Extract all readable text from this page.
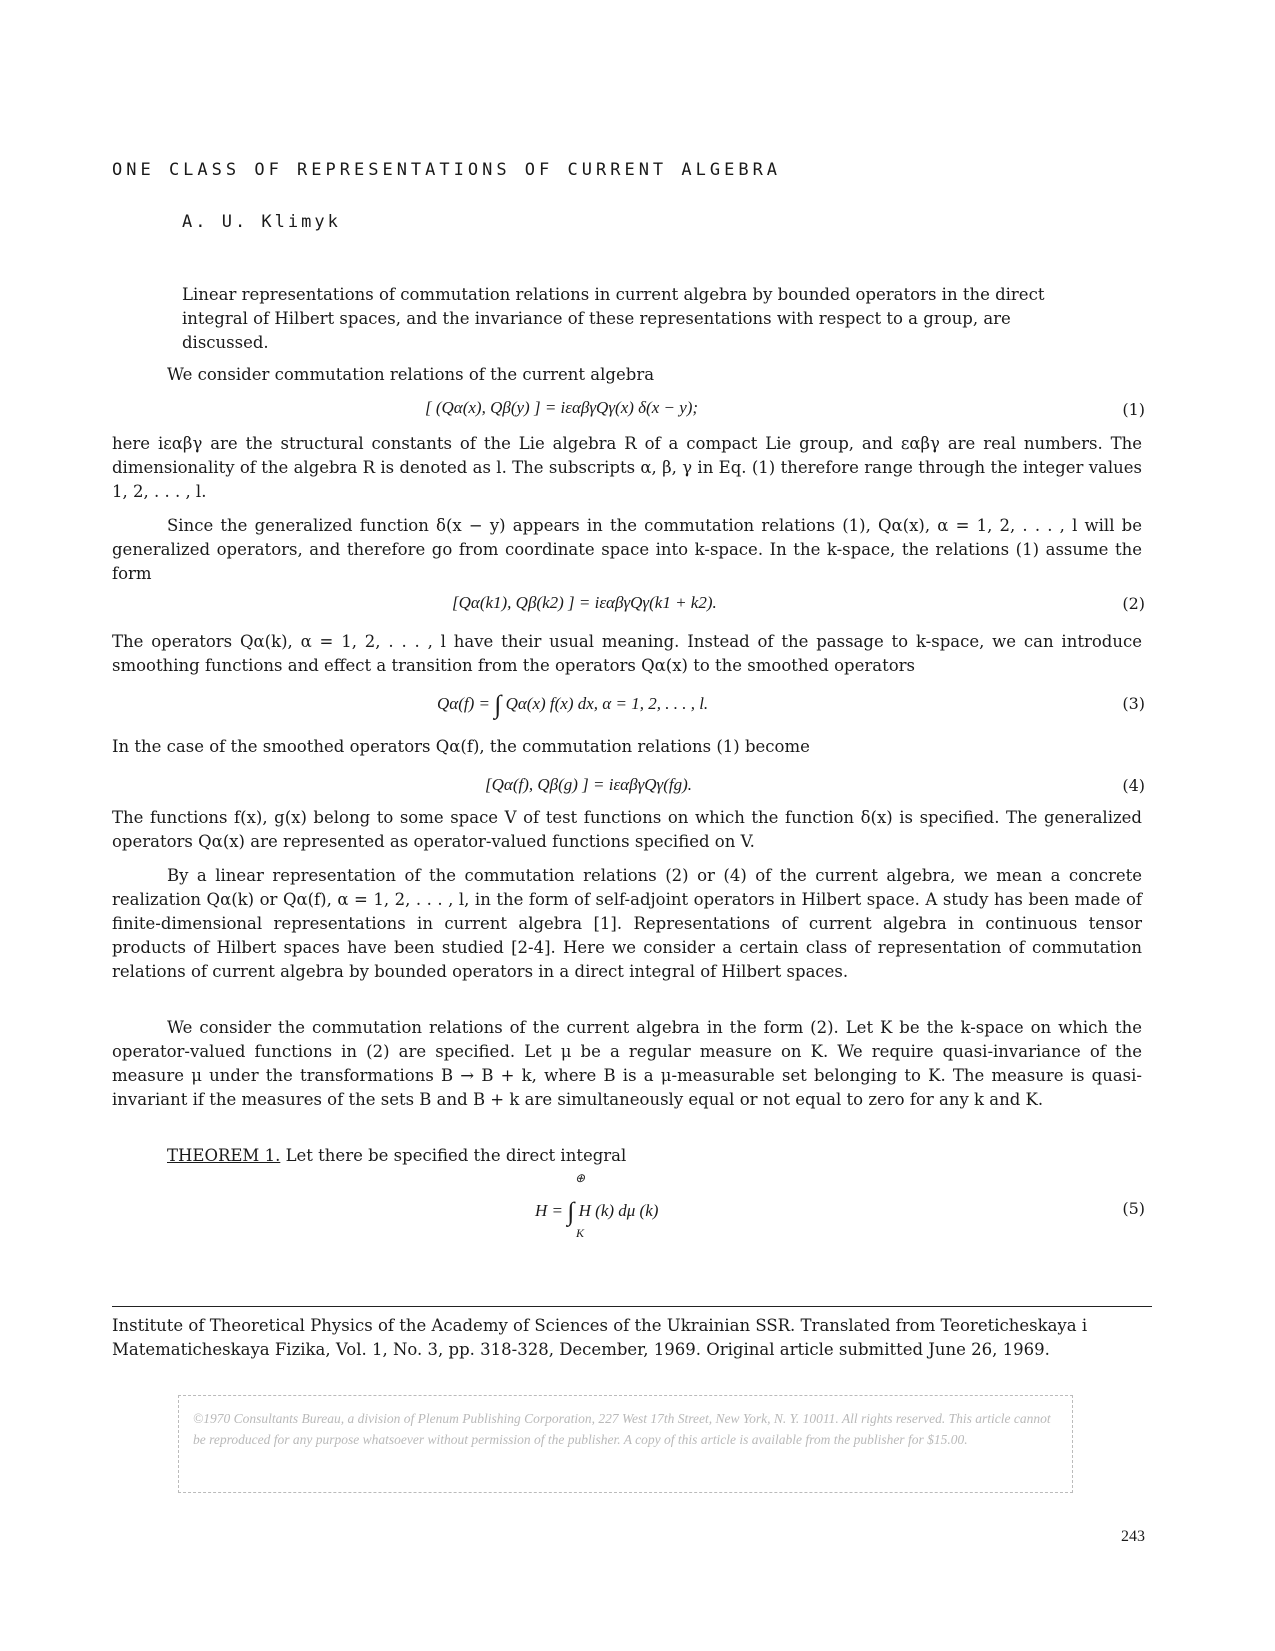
ONE CLASS OF REPRESENTATIONS OF CURRENT ALGEBRA
A. U. Klimyk
Linear representations of commutation relations in current algebra by bounded operators in the direct integral of Hilbert spaces, and the invariance of these representations with respect to a group, are discussed.
We consider commutation relations of the current algebra
[ (Qα(x), Qβ(y) ] = iεαβγQγ(x) δ(x − y);	(1)
here iεαβγ are the structural constants of the Lie algebra R of a compact Lie group, and εαβγ are real numbers. The dimensionality of the algebra R is denoted as l. The subscripts α, β, γ in Eq. (1) therefore range through the integer values 1, 2, . . . , l.
Since the generalized function δ(x − y) appears in the commutation relations (1), Qα(x), α = 1, 2, . . . , l will be generalized operators, and therefore go from coordinate space into k-space. In the k-space, the relations (1) assume the form
[Qα(k1), Qβ(k2) ] = iεαβγQγ(k1 + k2).	(2)
The operators Qα(k), α = 1, 2, . . . , l have their usual meaning. Instead of the passage to k-space, we can introduce smoothing functions and effect a transition from the operators Qα(x) to the smoothed operators
Qα(f) = ∫ Qα(x) f(x) dx, α = 1, 2, . . . , l.	(3)
In the case of the smoothed operators Qα(f), the commutation relations (1) become
[Qα(f), Qβ(g) ] = iεαβγQγ(fg).	(4)
The functions f(x), g(x) belong to some space V of test functions on which the function δ(x) is specified. The generalized operators Qα(x) are represented as operator-valued functions specified on V.
By a linear representation of the commutation relations (2) or (4) of the current algebra, we mean a concrete realization Qα(k) or Qα(f), α = 1, 2, . . . , l, in the form of self-adjoint operators in Hilbert space. A study has been made of finite-dimensional representations in current algebra [1]. Representations of current algebra in continuous tensor products of Hilbert spaces have been studied [2-4]. Here we consider a certain class of representation of commutation relations of current algebra by bounded operators in a direct integral of Hilbert spaces.
We consider the commutation relations of the current algebra in the form (2). Let K be the k-space on which the operator-valued functions in (2) are specified. Let μ be a regular measure on K. We require quasi-invariance of the measure μ under the transformations B → B + k, where B is a μ-measurable set belonging to K. The measure is quasi-invariant if the measures of the sets B and B + k are simultaneously equal or not equal to zero for any k and K.
THEOREM 1. Let there be specified the direct integral
⊕
H = ∫ H (k) dμ (k)
K
(5)
Institute of Theoretical Physics of the Academy of Sciences of the Ukrainian SSR. Translated from Teoreticheskaya i Matematicheskaya Fizika, Vol. 1, No. 3, pp. 318-328, December, 1969. Original article submitted June 26, 1969.
©1970 Consultants Bureau, a division of Plenum Publishing Corporation, 227 West 17th Street, New York, N. Y. 10011. All rights reserved. This article cannot be reproduced for any purpose whatsoever without permission of the publisher. A copy of this article is available from the publisher for $15.00.
243
